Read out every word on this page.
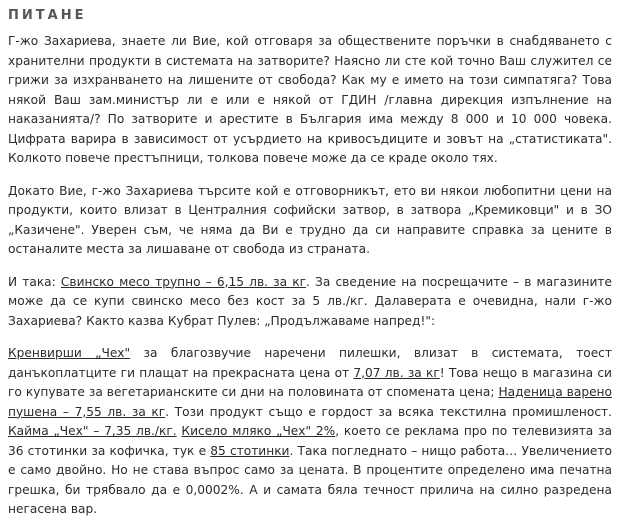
ПИТАНЕ

Г-жо Захариева, знаете ли Вие, кой отговаря за обществените поръчки в снабдяването с хранителни продукти в системата на затворите? Наясно ли сте кой точно Ваш служител се грижи за изхранването на лишените от свобода? Как му е името на този симпатяга? Това някой Ваш зам.министър ли е или е някой от ГДИН /главна дирекция изпълнение на наказанията/? По затворите и арестите в България има между 8 000 и 10 000 човека. Цифрата варира в зависимост от усърдието на кривосъдиците и зовът на „статистиката". Колкото повече престъпници, толкова повече може да се краде около тях.

Докато Вие, г-жо Захариева търсите кой е отговорникът, ето ви някои любопитни цени на продукти, които влизат в Централния софийски затвор, в затвора „Кремиковци" и в ЗО „Казичене". Уверен съм, че няма да Ви е трудно да си направите справка за цените в останалите места за лишаване от свобода из страната.

И така: Свинско месо трупно – 6,15 лв. за кг. За сведение на посрещачите – в магазините може да се купи свинско месо без кост за 5 лв./кг. Далаверата е очевидна, нали г-жо Захариева? Както казва Кубрат Пулев: „Продължаваме напред!":

Кренвирши „Чех" за благозвучие наречени пилешки, влизат в системата, тоест данъкоплатците ги плащат на прекрасната цена от 7,07 лв. за кг! Това нещо в магазина си го купувате за вегетарианските си дни на половината от спомената цена; Наденица варено пушена – 7,55 лв. за кг. Този продукт също е гордост за всяка текстилна промишленост. Кайма „Чех" – 7,35 лв./кг. Кисело мляко „Чех" 2%, което се реклама про по телевизията за 36 стотинки за кофичка, тук е 85 стотинки. Така погледнато – нищо работа… Увеличението е само двойно. Но не става въпрос само за цената. В процентите определено има печатна грешка, би трябвало да е 0,0002%. А и самата бяла течност прилича на силно разредена негасена вар.
